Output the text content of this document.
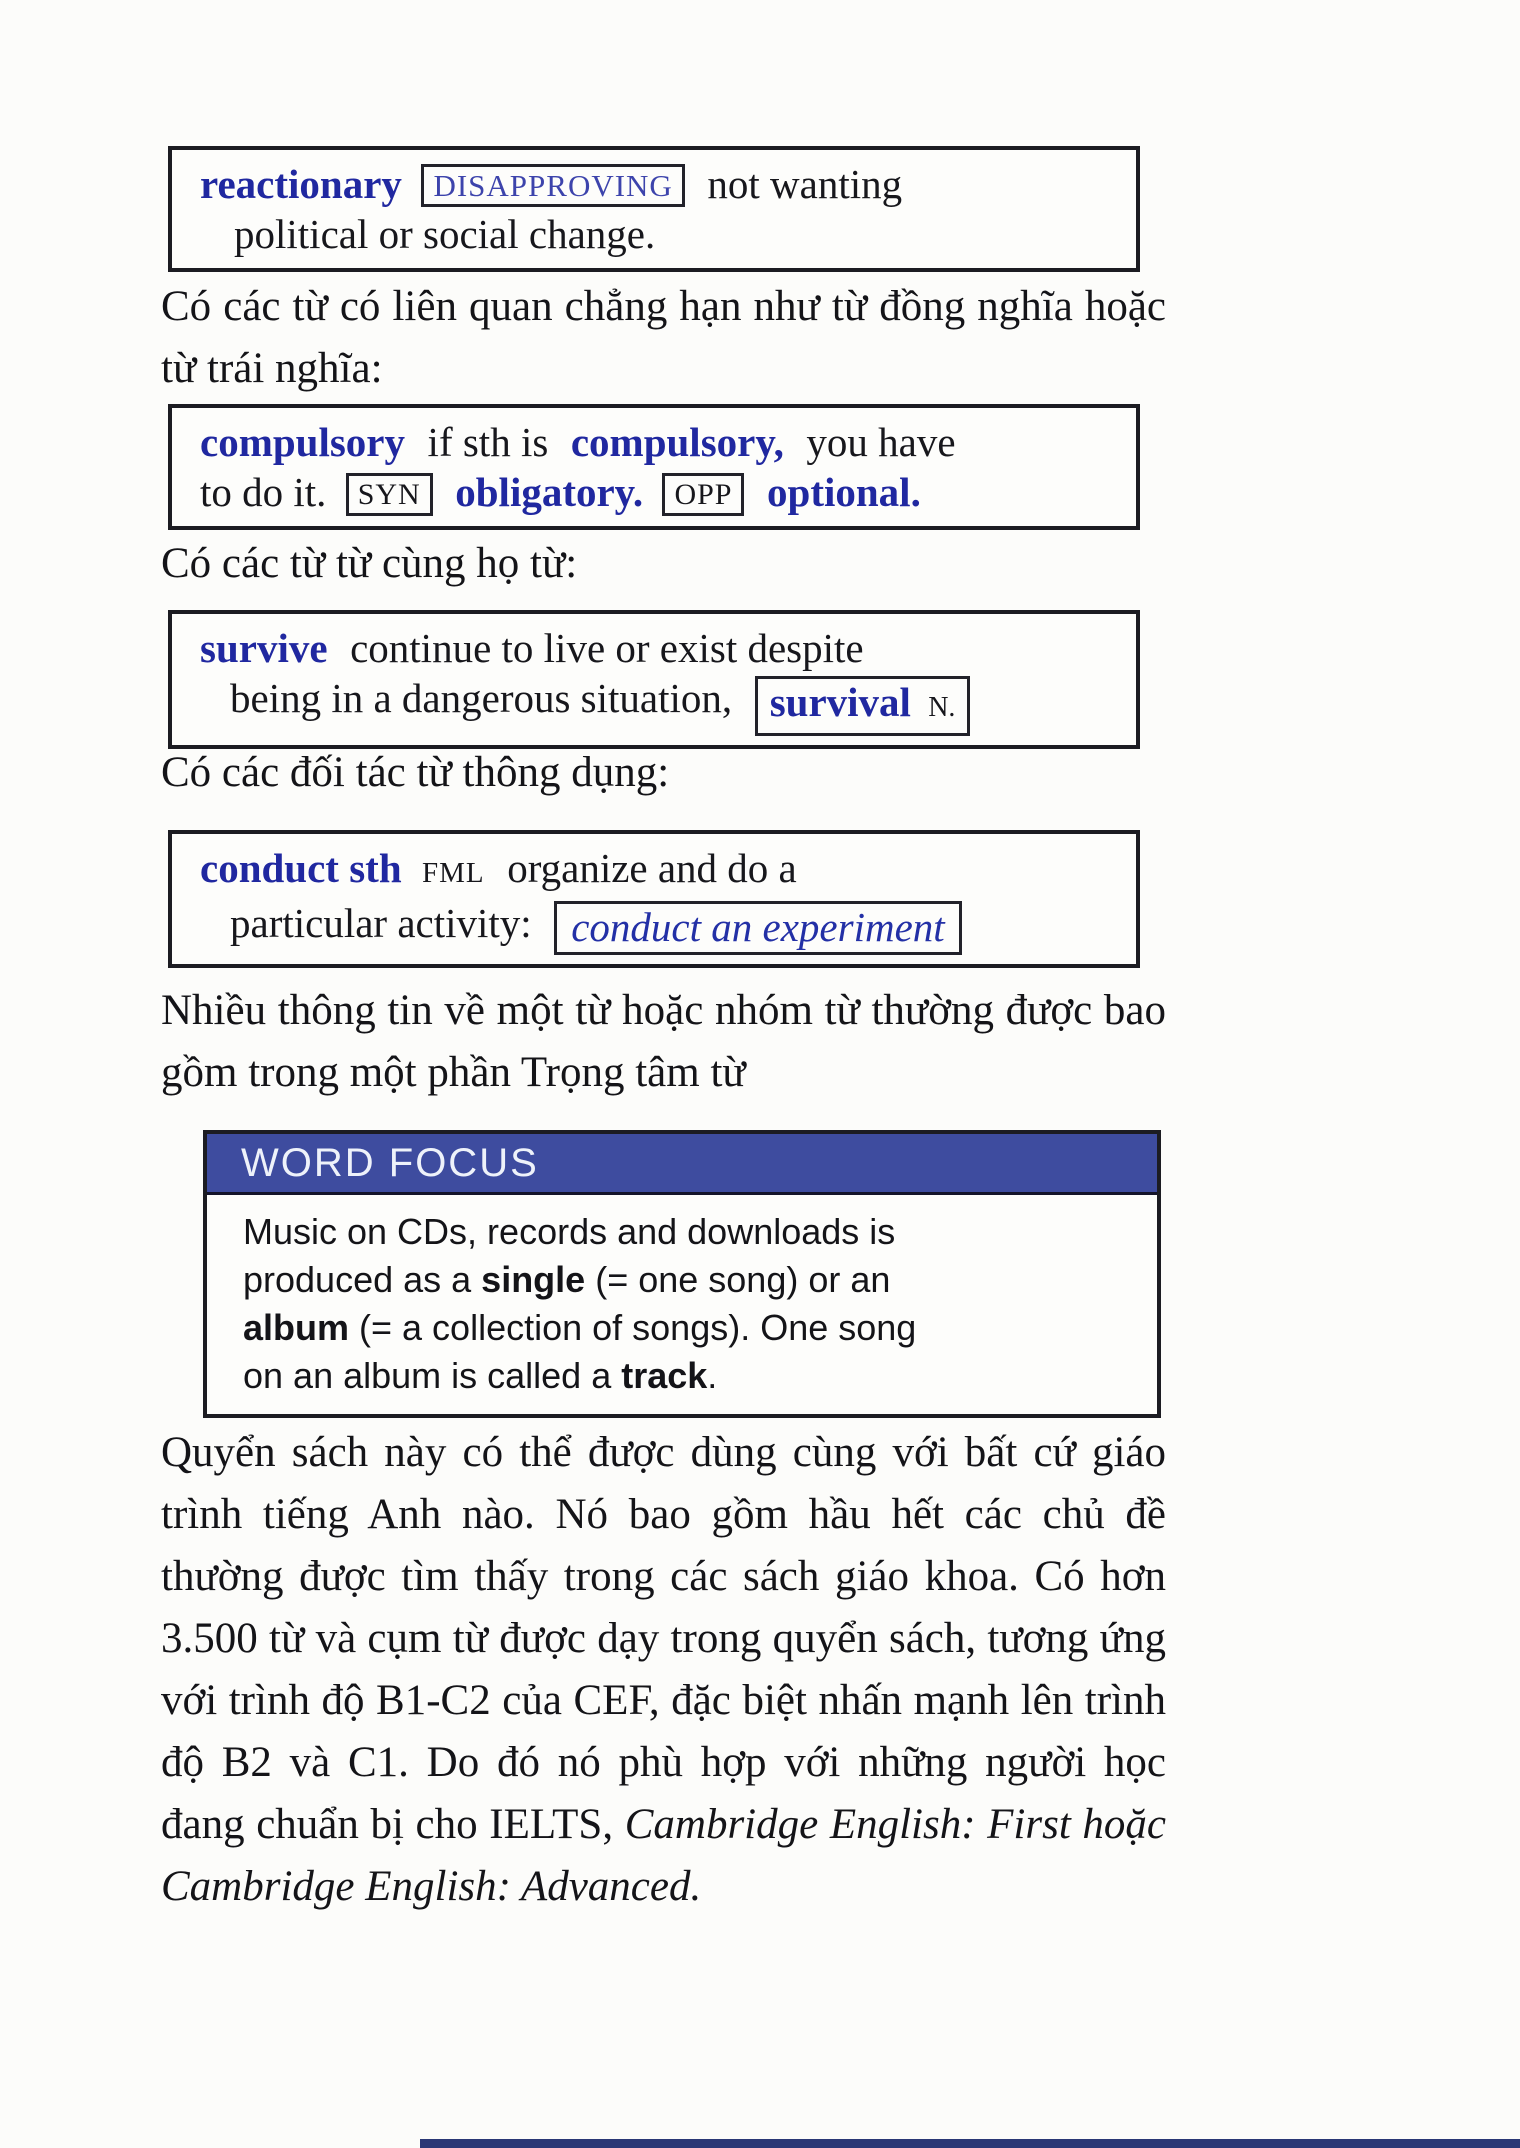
reactionary DISAPPROVING not wanting
political or social change.
Có các từ có liên quan chẳng hạn như từ đồng nghĩa hoặc từ trái nghĩa:
compulsory if sth is compulsory, you have
to do it. SYN obligatory. OPP optional.
Có các từ từ cùng họ từ:
survive continue to live or exist despite
being in a dangerous situation, survival N.
Có các đối tác từ thông dụng:
conduct sth FML organize and do a
particular activity: conduct an experiment
Nhiều thông tin về một từ hoặc nhóm từ thường được bao gồm trong một phần Trọng tâm từ
WORD FOCUS
Music on CDs, records and downloads is
produced as a single (= one song) or an
album (= a collection of songs). One song
on an album is called a track.
Quyển sách này có thể được dùng cùng với bất cứ giáo trình tiếng Anh nào. Nó bao gồm hầu hết các chủ đề thường được tìm thấy trong các sách giáo khoa. Có hơn 3.500 từ và cụm từ được dạy trong quyển sách, tương ứng với trình độ B1-C2 của CEF, đặc biệt nhấn mạnh lên trình độ B2 và C1. Do đó nó phù hợp với những người học đang chuẩn bị cho IELTS, Cambridge English: First hoặc Cambridge English: Advanced.
